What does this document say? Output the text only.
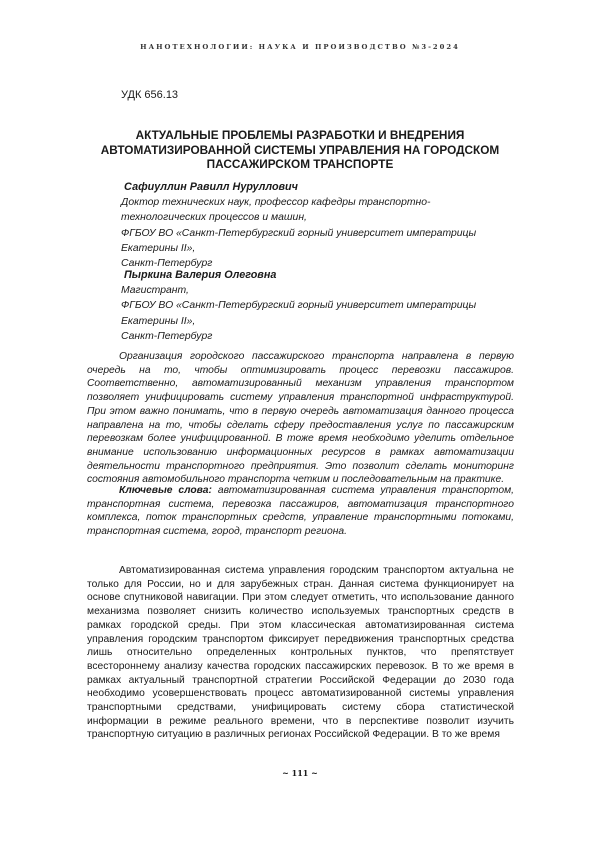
НАНОТЕХНОЛОГИИ: НАУКА И ПРОИЗВОДСТВО №3-2024
УДК 656.13
АКТУАЛЬНЫЕ ПРОБЛЕМЫ РАЗРАБОТКИ И ВНЕДРЕНИЯ
АВТОМАТИЗИРОВАННОЙ СИСТЕМЫ УПРАВЛЕНИЯ НА ГОРОДСКОМ
ПАССАЖИРСКОМ ТРАНСПОРТЕ
Сафиуллин Равилл Нуруллович
Доктор технических наук, профессор кафедры транспортно-
технологических процессов и машин,
ФГБОУ ВО «Санкт-Петербургский горный университет императрицы
Екатерины II»,
Санкт-Петербург
Пыркина Валерия Олеговна
Магистрант,
ФГБОУ ВО «Санкт-Петербургский горный университет императрицы
Екатерины II»,
Санкт-Петербург
Организация городского пассажирского транспорта направлена в первую очередь на то, чтобы оптимизировать процесс перевозки пассажиров. Соответственно, автоматизированный механизм управления транспортом позволяет унифицировать систему управления транспортной инфраструктурой. При этом важно понимать, что в первую очередь автоматизация данного процесса направлена на то, чтобы сделать сферу предоставления услуг по пассажирским перевозкам более унифицированной. В тоже время необходимо уделить отдельное внимание использованию информационных ресурсов в рамках автоматизации деятельности транспортного предприятия. Это позволит сделать мониторинг состояния автомобильного транспорта четким и последовательным на практике.
Ключевые слова: автоматизированная система управления транспортом, транспортная система, перевозка пассажиров, автоматизация транспортного комплекса, поток транспортных средств, управление транспортными потоками, транспортная система, город, транспорт региона.
Автоматизированная система управления городским транспортом актуальна не только для России, но и для зарубежных стран. Данная система функционирует на основе спутниковой навигации. При этом следует отметить, что использование данного механизма позволяет снизить количество используемых транспортных средств в рамках городской среды. При этом классическая автоматизированная система управления городским транспортом фиксирует передвижения транспортных средства лишь относительно определенных контрольных пунктов, что препятствует всестороннему анализу качества городских пассажирских перевозок. В то же время в рамках актуальный транспортной стратегии Российской Федерации до 2030 года необходимо усовершенствовать процесс автоматизированной системы управления транспортными средствами, унифицировать систему сбора статистической информации в режиме реального времени, что в перспективе позволит изучить транспортную ситуацию в различных регионах Российской Федерации. В то же время
~ 111 ~
